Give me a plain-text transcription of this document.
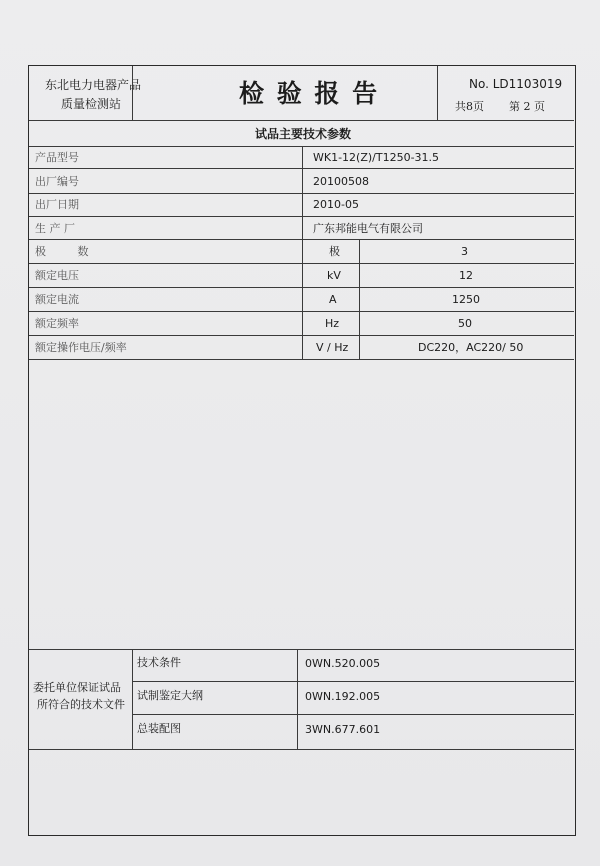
东北电力电器产品
质量检测站	检 验 报 告	No. LD1103019
共8页 第 2 页
试品主要技术参数
产品型号	WK1-12(Z)/T1250-31.5
出厂编号	20100508
出厂日期	2010-05
生 产 厂	广东邦能电气有限公司
极         数	极	3
额定电压	kV	12
额定电流	A	1250
额定频率	Hz	50
额定操作电压/频率	V / Hz	DC220，AC220/ 50
委托单位保证试品
所符合的技术文件
技术条件	0WN.520.005
试制鉴定大纲	0WN.192.005
总装配图	3WN.677.601
